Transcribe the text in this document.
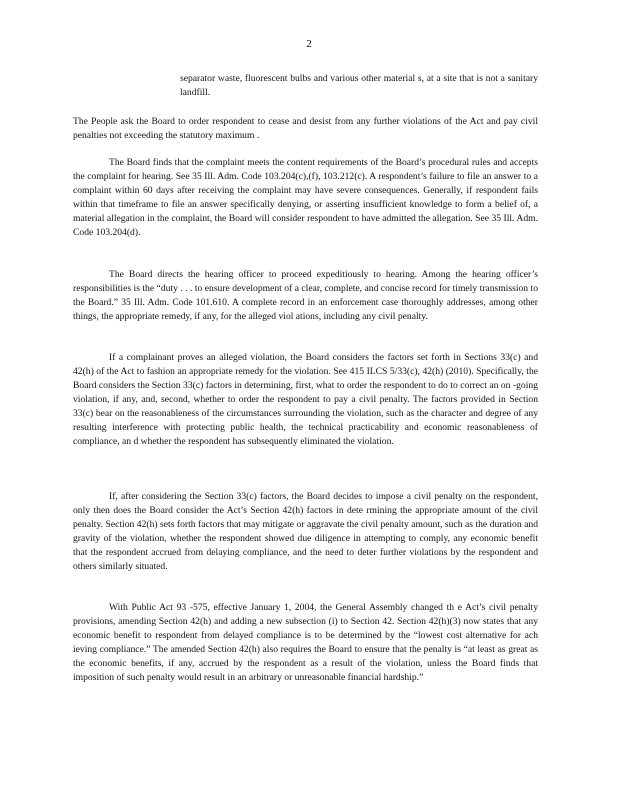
2
separator waste, fluorescent bulbs and various other material s, at a site that is not a sanitary landfill.

The People ask the Board to order respondent to cease and desist from any further violations of the Act and pay civil penalties not exceeding the statutory maximum .

The Board finds that the complaint meets the content requirements of the Board’s procedural rules and accepts the complaint for hearing. See 35 Ill. Adm. Code 103.204(c),(f), 103.212(c). A respondent’s failure to file an answer to a complaint within 60 days after receiving the complaint may have severe consequences. Generally, if respondent fails within that timeframe to file an answer specifically denying, or asserting insufficient knowledge to form a belief of, a material allegation in the complaint, the Board will consider respondent to have admitted the allegation. See 35 Ill. Adm. Code 103.204(d).

The Board directs the hearing officer to proceed expeditiously to hearing. Among the hearing officer’s responsibilities is the “duty . . . to ensure development of a clear, complete, and concise record for timely transmission to the Board.” 35 Ill. Adm. Code 101.610. A complete record in an enforcement case thoroughly addresses, among other things, the appropriate remedy, if any, for the alleged viol ations, including any civil penalty.

If a complainant proves an alleged violation, the Board considers the factors set forth in Sections 33(c) and 42(h) of the Act to fashion an appropriate remedy for the violation. See 415 ILCS 5/33(c), 42(h) (2010). Specifically, the Board considers the Section 33(c) factors in determining, first, what to order the respondent to do to correct an on -going violation, if any, and, second, whether to order the respondent to pay a civil penalty. The factors provided in Section 33(c) bear on the reasonableness of the circumstances surrounding the violation, such as the character and degree of any resulting interference with protecting public health, the technical practicability and economic reasonableness of compliance, an d whether the respondent has subsequently eliminated the violation.

If, after considering the Section 33(c) factors, the Board decides to impose a civil penalty on the respondent, only then does the Board consider the Act’s Section 42(h) factors in dete rmining the appropriate amount of the civil penalty. Section 42(h) sets forth factors that may mitigate or aggravate the civil penalty amount, such as the duration and gravity of the violation, whether the respondent showed due diligence in attempting to comply, any economic benefit that the respondent accrued from delaying compliance, and the need to deter further violations by the respondent and others similarly situated.

With Public Act 93 -575, effective January 1, 2004, the General Assembly changed th e Act’s civil penalty provisions, amending Section 42(h) and adding a new subsection (i) to Section 42. Section 42(h)(3) now states that any economic benefit to respondent from delayed compliance is to be determined by the “lowest cost alternative for ach ieving compliance.” The amended Section 42(h) also requires the Board to ensure that the penalty is “at least as great as the economic benefits, if any, accrued by the respondent as a result of the violation, unless the Board finds that imposition of such penalty would result in an arbitrary or unreasonable financial hardship.”
